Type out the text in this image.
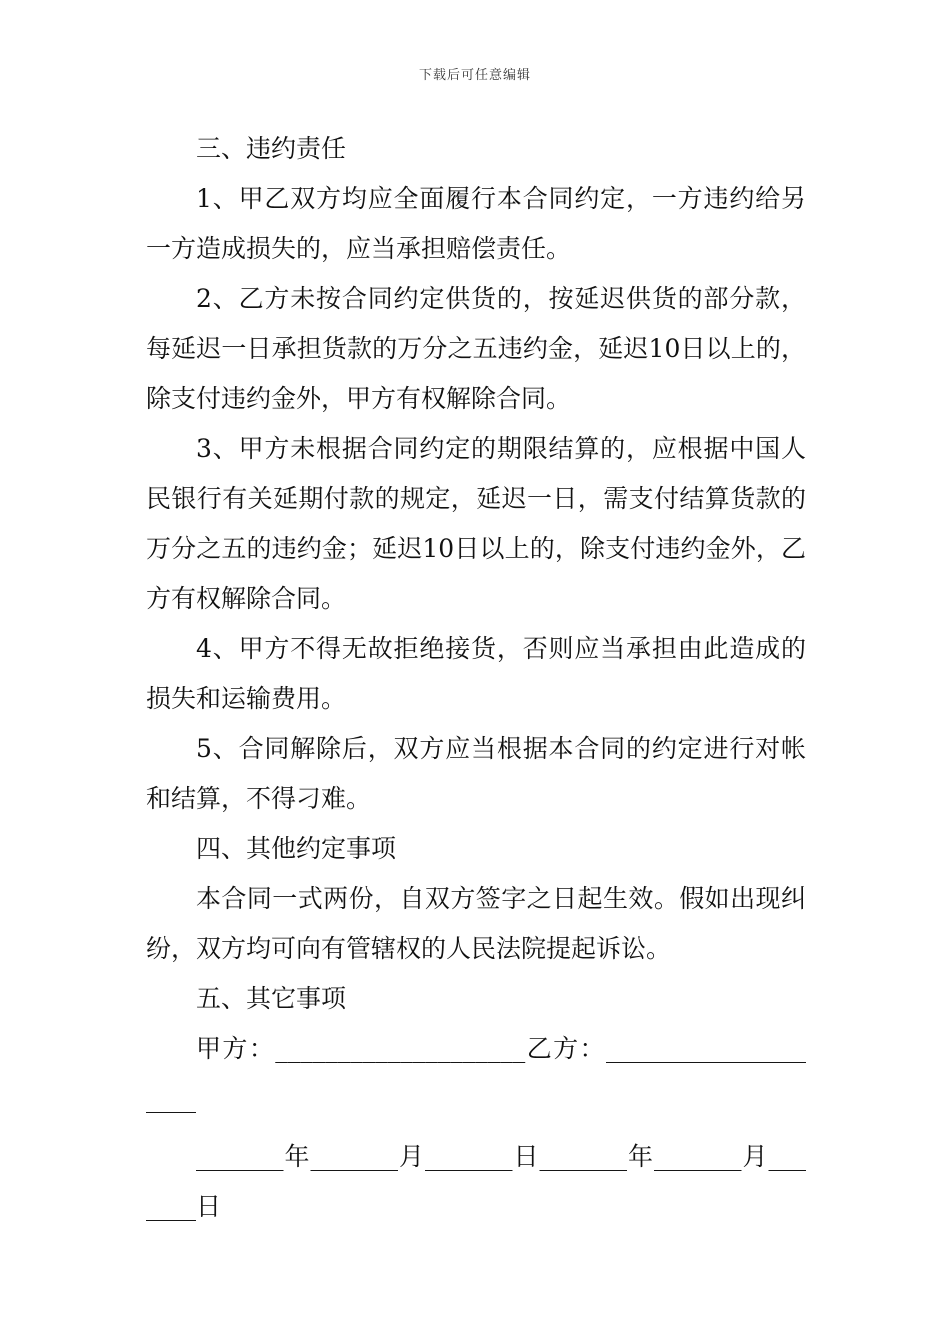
下载后可任意编辑

三、违约责任

1、甲乙双方均应全面履行本合同约定，一方违约给另一方造成损失的，应当承担赔偿责任。

2、乙方未按合同约定供货的，按延迟供货的部分款，每延迟一日承担货款的万分之五违约金，延迟10日以上的，除支付违约金外，甲方有权解除合同。

3、甲方未根据合同约定的期限结算的，应根据中国人民银行有关延期付款的规定，延迟一日，需支付结算货款的万分之五的违约金；延迟10日以上的，除支付违约金外，乙方有权解除合同。

4、甲方不得无故拒绝接货，否则应当承担由此造成的损失和运输费用。

5、合同解除后，双方应当根据本合同的约定进行对帐和结算，不得刁难。

四、其他约定事项

本合同一式两份，自双方签字之日起生效。假如出现纠纷，双方均可向有管辖权的人民法院提起诉讼。

五、其它事项

甲方：____________________乙方：____________________

_______年_______月_______日_______年_______月_______日
